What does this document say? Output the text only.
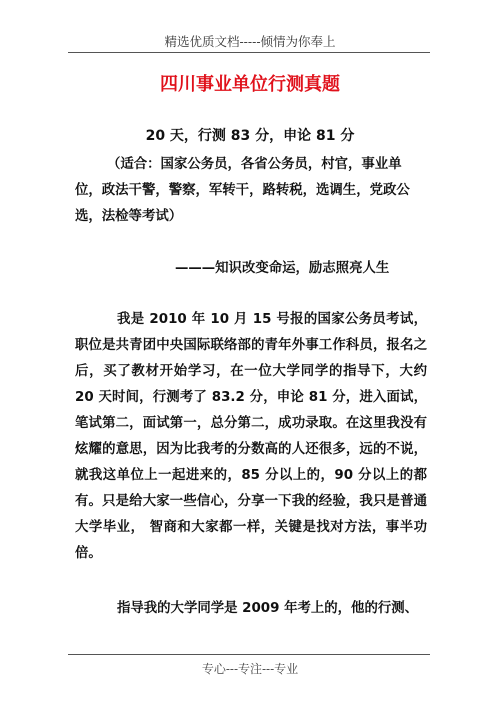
精选优质文档-----倾情为你奉上
四川事业单位行测真题
20 天，行测 83 分，申论 81 分

（适合：国家公务员，各省公务员，村官，事业单位，政法干警，警察，军转干，路转税，选调生，党政公选，法检等考试）

———知识改变命运，励志照亮人生

我是 2010 年 10 月 15 号报的国家公务员考试，职位是共青团中央国际联络部的青年外事工作科员，报名之后，买了教材开始学习，在一位大学同学的指导下，大约 20 天时间，行测考了 83.2 分，申论 81 分，进入面试，笔试第二，面试第一，总分第二，成功录取。在这里我没有炫耀的意思，因为比我考的分数高的人还很多，远的不说，就我这单位上一起进来的，85 分以上的，90 分以上的都有。只是给大家一些信心，分享一下我的经验，我只是普通大学毕业， 智商和大家都一样，关键是找对方法，事半功倍。

指导我的大学同学是 2009 年考上的，他的行测、

专心---专注---专业
